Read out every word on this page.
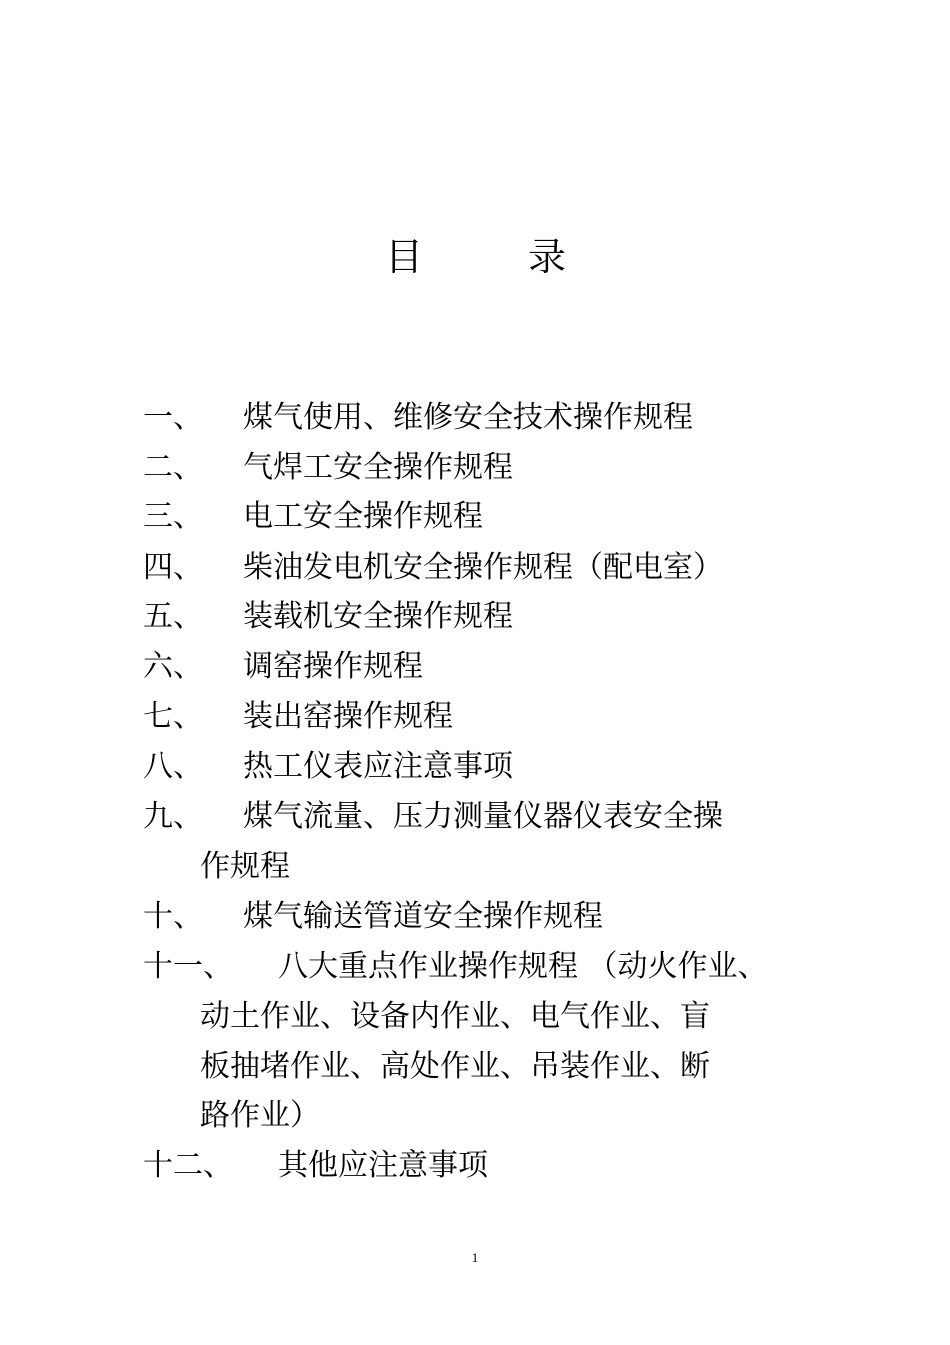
目	录
一、 煤气使用、维修安全技术操作规程
二、 气焊工安全操作规程
三、 电工安全操作规程
四、 柴油发电机安全操作规程（配电室）
五、 装载机安全操作规程
六、 调窑操作规程
七、 装出窑操作规程
八、 热工仪表应注意事项
九、 煤气流量、压力测量仪器仪表安全操
作规程
十、 煤气输送管道安全操作规程
十一、 八大重点作业操作规程 （动火作业、
动土作业、设备内作业、电气作业、盲
板抽堵作业、高处作业、吊装作业、断
路作业）
十二、 其他应注意事项
1
